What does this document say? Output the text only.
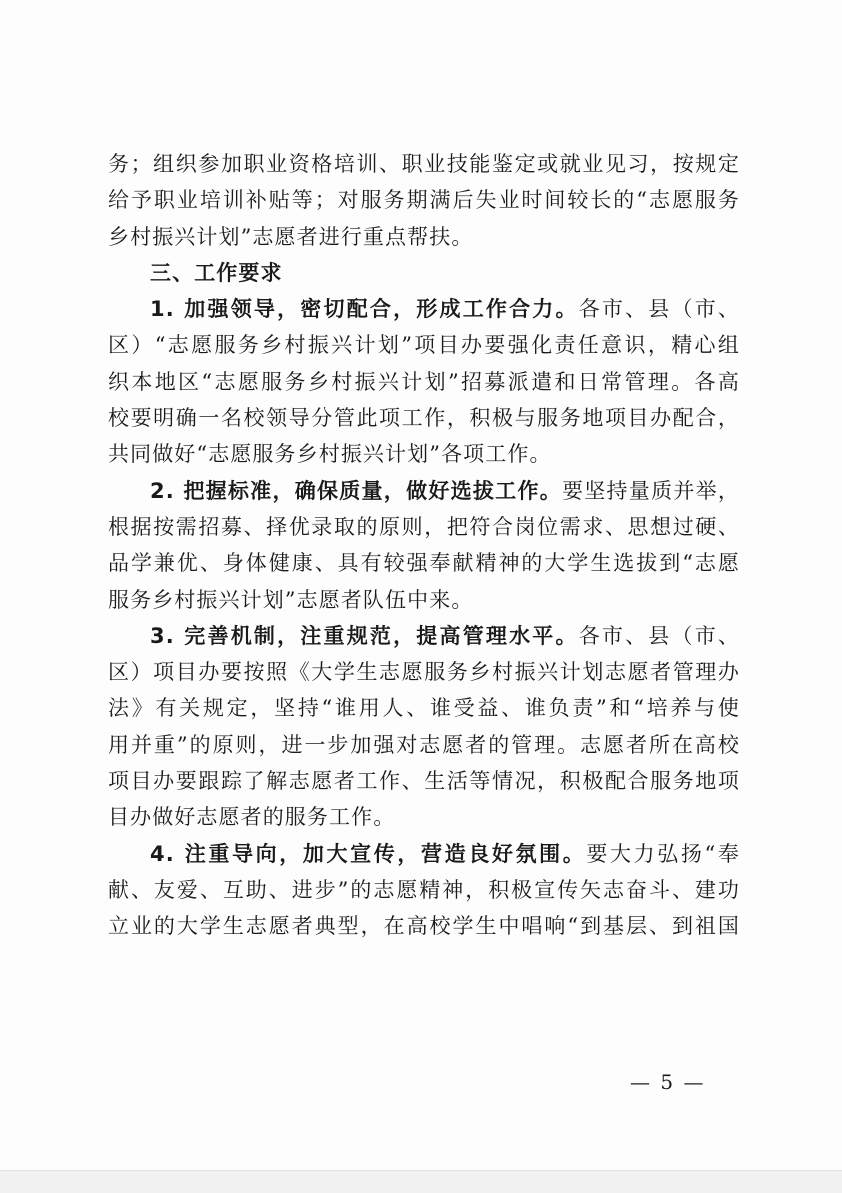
务；组织参加职业资格培训、职业技能鉴定或就业见习，按规定
给予职业培训补贴等；对服务期满后失业时间较长的“志愿服务
乡村振兴计划”志愿者进行重点帮扶。
三、工作要求
1. 加强领导，密切配合，形成工作合力。各市、县（市、
区）“志愿服务乡村振兴计划”项目办要强化责任意识，精心组
织本地区“志愿服务乡村振兴计划”招募派遣和日常管理。各高
校要明确一名校领导分管此项工作，积极与服务地项目办配合，
共同做好“志愿服务乡村振兴计划”各项工作。
2. 把握标准，确保质量，做好选拔工作。要坚持量质并举，
根据按需招募、择优录取的原则，把符合岗位需求、思想过硬、
品学兼优、身体健康、具有较强奉献精神的大学生选拔到“志愿
服务乡村振兴计划”志愿者队伍中来。
3. 完善机制，注重规范，提高管理水平。各市、县（市、
区）项目办要按照《大学生志愿服务乡村振兴计划志愿者管理办
法》有关规定，坚持“谁用人、谁受益、谁负责”和“培养与使
用并重”的原则，进一步加强对志愿者的管理。志愿者所在高校
项目办要跟踪了解志愿者工作、生活等情况，积极配合服务地项
目办做好志愿者的服务工作。
4. 注重导向，加大宣传，营造良好氛围。要大力弘扬“奉
献、友爱、互助、进步”的志愿精神，积极宣传矢志奋斗、建功
立业的大学生志愿者典型，在高校学生中唱响“到基层、到祖国
— 5 —
